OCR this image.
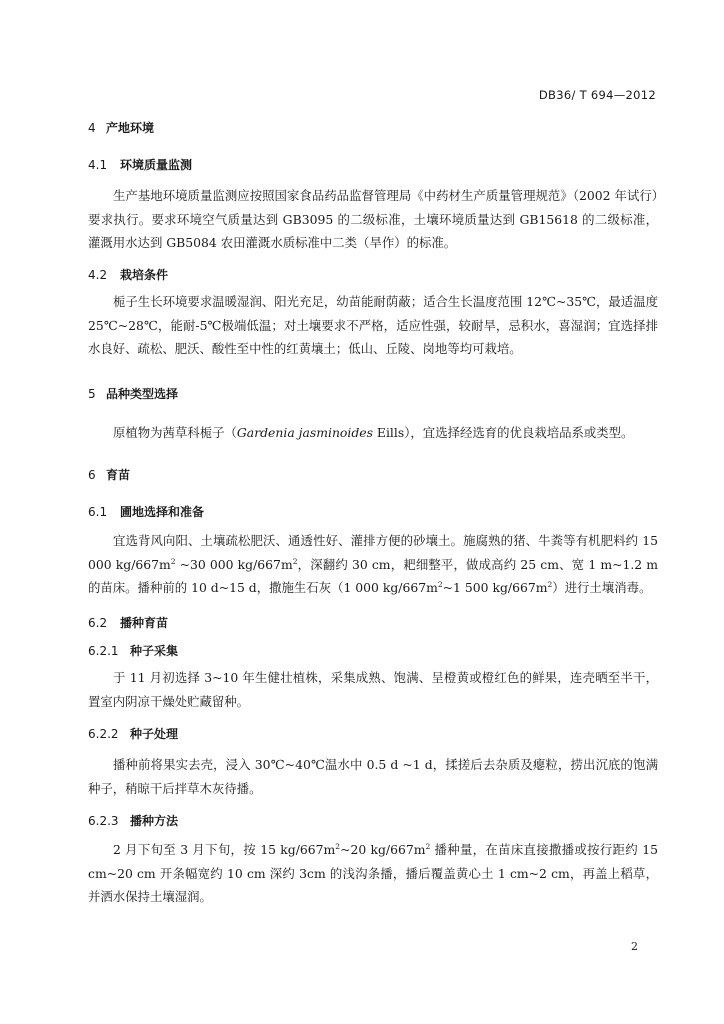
DB36/ T 694—2012
4 产地环境
4.1 环境质量监测

生产基地环境质量监测应按照国家食品药品监督管理局《中药材生产质量管理规范》（2002 年试行）要求执行。要求环境空气质量达到 GB3095 的二级标准，土壤环境质量达到 GB15618 的二级标准，灌溉用水达到 GB5084 农田灌溉水质标准中二类（旱作）的标准。

4.2 栽培条件

栀子生长环境要求温暖湿润、阳光充足，幼苗能耐荫蔽；适合生长温度范围 12℃~35℃，最适温度 25℃~28℃，能耐-5℃极端低温；对土壤要求不严格，适应性强，较耐旱，忌积水，喜湿润；宜选择排水良好、疏松、肥沃、酸性至中性的红黄壤土；低山、丘陵、岗地等均可栽培。

5 品种类型选择

原植物为茜草科栀子（Gardenia jasminoides Eills），宜选择经选育的优良栽培品系或类型。

6 育苗
6.1 圃地选择和准备

宜选背风向阳、土壤疏松肥沃、通透性好、灌排方便的砂壤土。施腐熟的猪、牛粪等有机肥料约 15 000 $kg/667m^2$ ~30 000 $kg/667m^2$，深翻约 30 cm，耙细整平，做成高约 25 cm、宽 1 m~1.2 m 的苗床。播种前的 10 d~15 d，撒施生石灰（1 000 $kg/667m^2\sim 1$ 500 $kg/667m^2$）进行土壤消毒。

6.2 播种育苗
6.2.1 种子采集

于 11 月初选择 3~10 年生健壮植株，采集成熟、饱满、呈橙黄或橙红色的鲜果，连壳晒至半干，置室内阴凉干燥处贮藏留种。

6.2.2 种子处理

播种前将果实去壳，浸入 30℃~40℃温水中 0.5 d ~1 d，揉搓后去杂质及瘪粒，捞出沉底的饱满种子，稍晾干后拌草木灰待播。

6.2.3 播种方法

2 月下旬至 3 月下旬，按 15 $kg/667m^2\sim 20$ $kg/667m^2$ 播种量，在苗床直接撒播或按行距约 15 cm~20 cm 开条幅宽约 10 cm 深约 3cm 的浅沟条播，播后覆盖黄心土 1 cm~2 cm，再盖上稻草，并洒水保持土壤湿润。

2
